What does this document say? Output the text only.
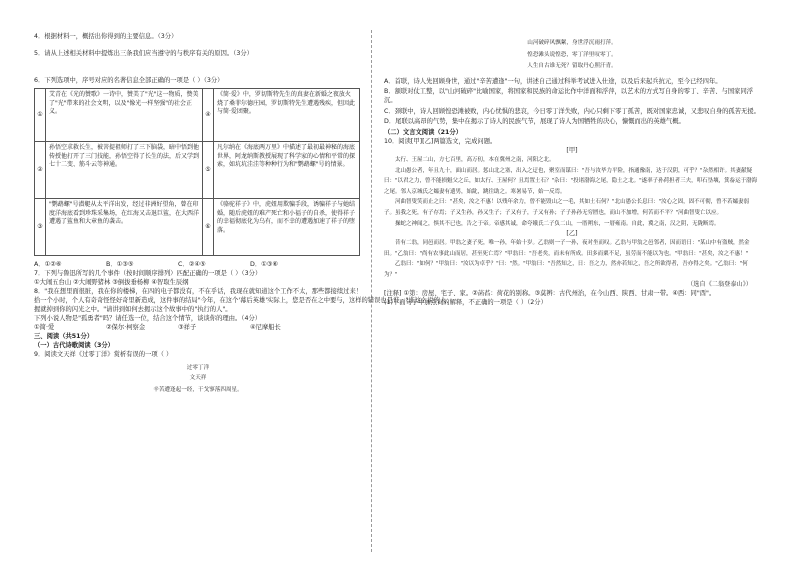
4．根据材料一，概括出你得到的主要信息。（3分）
5．请从上述相关材料中提炼出三条我们应当遵守的与秩序有关的原因。（3分）
6．下列选项中，序号对应的名著信息全部正确的一项是（ ）（3分）
①	艾青在《光的赞歌》一诗中，赞美了"光"这一物质，赞美了"光"带来的社会文明，以及"像光一样坚强"的社会正义。	④	《简·爱》中，罗切斯特先生的真妻在新婚之夜放火烧了桑菲尔德庄园，罗切斯特先生遭遇残疾，但因此与简·爱团聚。
②	孙悟空求救长生，被菩提祖师打了三下脑袋，暗中悟到他传授他打开了三门技能，孙悟空得了长生的法，后又学到七十二变、筋斗云等神通。	⑤	凡尔纳在《海底两万里》中描述了最初最神秘的海底世界，阿龙纳斯教授展现了科学家的心情和平常的探索，如坑坑洼洼等种种行为和"鹦鹉螺"号的情景。
③	"鹦鹉螺"号潜艇从太平洋出发，经过非洲好望角，曾在印度洋海底看到珍珠采集场，在红海又击退巨鲨，在大西洋遭遇了鲨鱼和大章鱼的袭击。	⑥	《骆驼祥子》中，虎妞用欺骗手段，诱骗祥子与她结婚，随后虎妞的难产死亡和小福子的自杀，使得祥子的幸福彻底化为乌有，而不幸的遭遇加速了祥子的堕落。
A．①②⑥	B．①③⑤	C．②④⑤	D．①③⑥
7．下列与鲁迅所写的几个事件（按时间顺序排列）匹配正确的一项是（ ）（3分）
①大闹五台山 ②大闹野猪林 ③倒拔垂杨柳 ④智取生辰纲
8．"我在想里面很脏，我在你的楼梯，在四的电子都没有，不在乎话，我现在就知道这个工作不太，那些都接续过来！
拾一个小时，个人有奇奇怪怪好奇里新造成，这件事的结局"今年，在这个'幕后英雄'实际上，您是否在之中要与，这样的错误也是谁，"谁这么说的人，
握就掉到你的闪光之中。"请讲到如何去揭示这个故事中的"执行的人"。
下列小说人物是"孤勇者"吗？请任选一位，结合这个情节，谈谈你的理由。（4分）
①简·爱	②保尔·柯察金	③祥子	④尼摩船长
三、阅读（共51分）
（一）古代诗歌阅读（3分）
9．阅读文天祥《过零丁洋》赏析有误的一项（ ）
过零丁洋
文天祥
辛苦遭逢起一经，干戈寥落四周星。
山河破碎风飘絮，身世浮沉雨打萍。
惶恐滩头说惶恐，零丁洋里叹零丁。
人生自古谁无死？留取丹心照汗青。

A．首联，诗人先回顾身世，通过"辛苦遭逢"一句，讲述自己通过科举考试进入仕途，以及后来起兵抗元，至今已经四年。

B．颔联对仗工整，以"山河破碎"比喻国家，将国家和民族的命运比作中洋面和浮萍，以艺术的方式写自身的零丁、辛苦、与国家同浮沉。

C．颈联中，诗人回顾惶恐滩被败，内心忧惧的悲哀，今日零丁洋失败，内心只剩下零丁孤苦，既对国家忠诚，又悲叹自身的孤苦无援。

D．尾联以高昂的气势，集中在揭示了诗人的民族气节，展现了诗人为国牺牲的决心，慷慨而出的英雄气概。

（二）文言文阅读（21分）
10．阅读[甲][乙]两篇选文，完成问题。
[甲]

太行、王屋二山，方七百里，高万仞，本在冀州之南，河阳之北。

北山愚公者，年且九十，面山而居。惩山北之塞，出入之迂也，聚室而谋曰："吾与汝毕力平险，指通豫南，达于汉阴，可乎？"杂然相许。其妻献疑曰："以君之力，曾不能损魁父之丘，如太行、王屋何？且焉置土石？"杂曰："投诸渤海之尾，隐土之北。"遂率子孙荷担者三夫，叩石垦壤，箕畚运于渤海之尾。邻人京城氏之孀妻有遗男，始龀，跳往助之。寒暑易节，始一反焉。

河曲智叟笑而止之曰："甚矣，汝之不惠！以残年余力，曾不能毁山之一毛，其如土石何？"北山愚公长息曰："汝心之固，固不可彻，曾不若孀妻弱子。虽我之死，有子存焉；子又生孙，孙又生子；子又有子，子又有孙；子子孙孙无穷匮也，而山不加增，何苦而不平？"河曲智叟亡以应。

操蛇之神闻之，惧其不已也，告之于帝。帝感其诚，命夸娥氏二子负二山，一厝朔东，一厝雍南。自此，冀之南，汉之阴，无陇断焉。

[乙]

昔有二翁，同邑而居。甲翁之妻子死，唯一孙，年始十岁。乙翁则一子一孙，夜对坐而叹。乙翁与甲翁之邑邻者，因而语日："某山中有盗贼，然金田。"乙翁曰："尚有农事此山而居，甚至死亡焉？"甲翁曰："吾老矣，而未有所成。田多而粟不足，虽劳而不能以为也。"甲翁曰："甚矣，汝之不惠！"

乙翁曰："如何？"甲翁曰："汝以为卓乎？"曰："然。"甲翁曰："吾然知之，日：吾之力，然亦若知之，吾之所欲得者，吾亦得之矣。"乙翁曰："何为？"

（选自《二翁登泰山》）
[注释] ①第：房屋、宅子、家。②菡萏：荷花的别称。③莫辨：古代州治，在今山西、陕西、甘肃一带。④西：同"酉"。
(1)下面句子中加点词的解释，不正确的一项是（ ）（2分）
